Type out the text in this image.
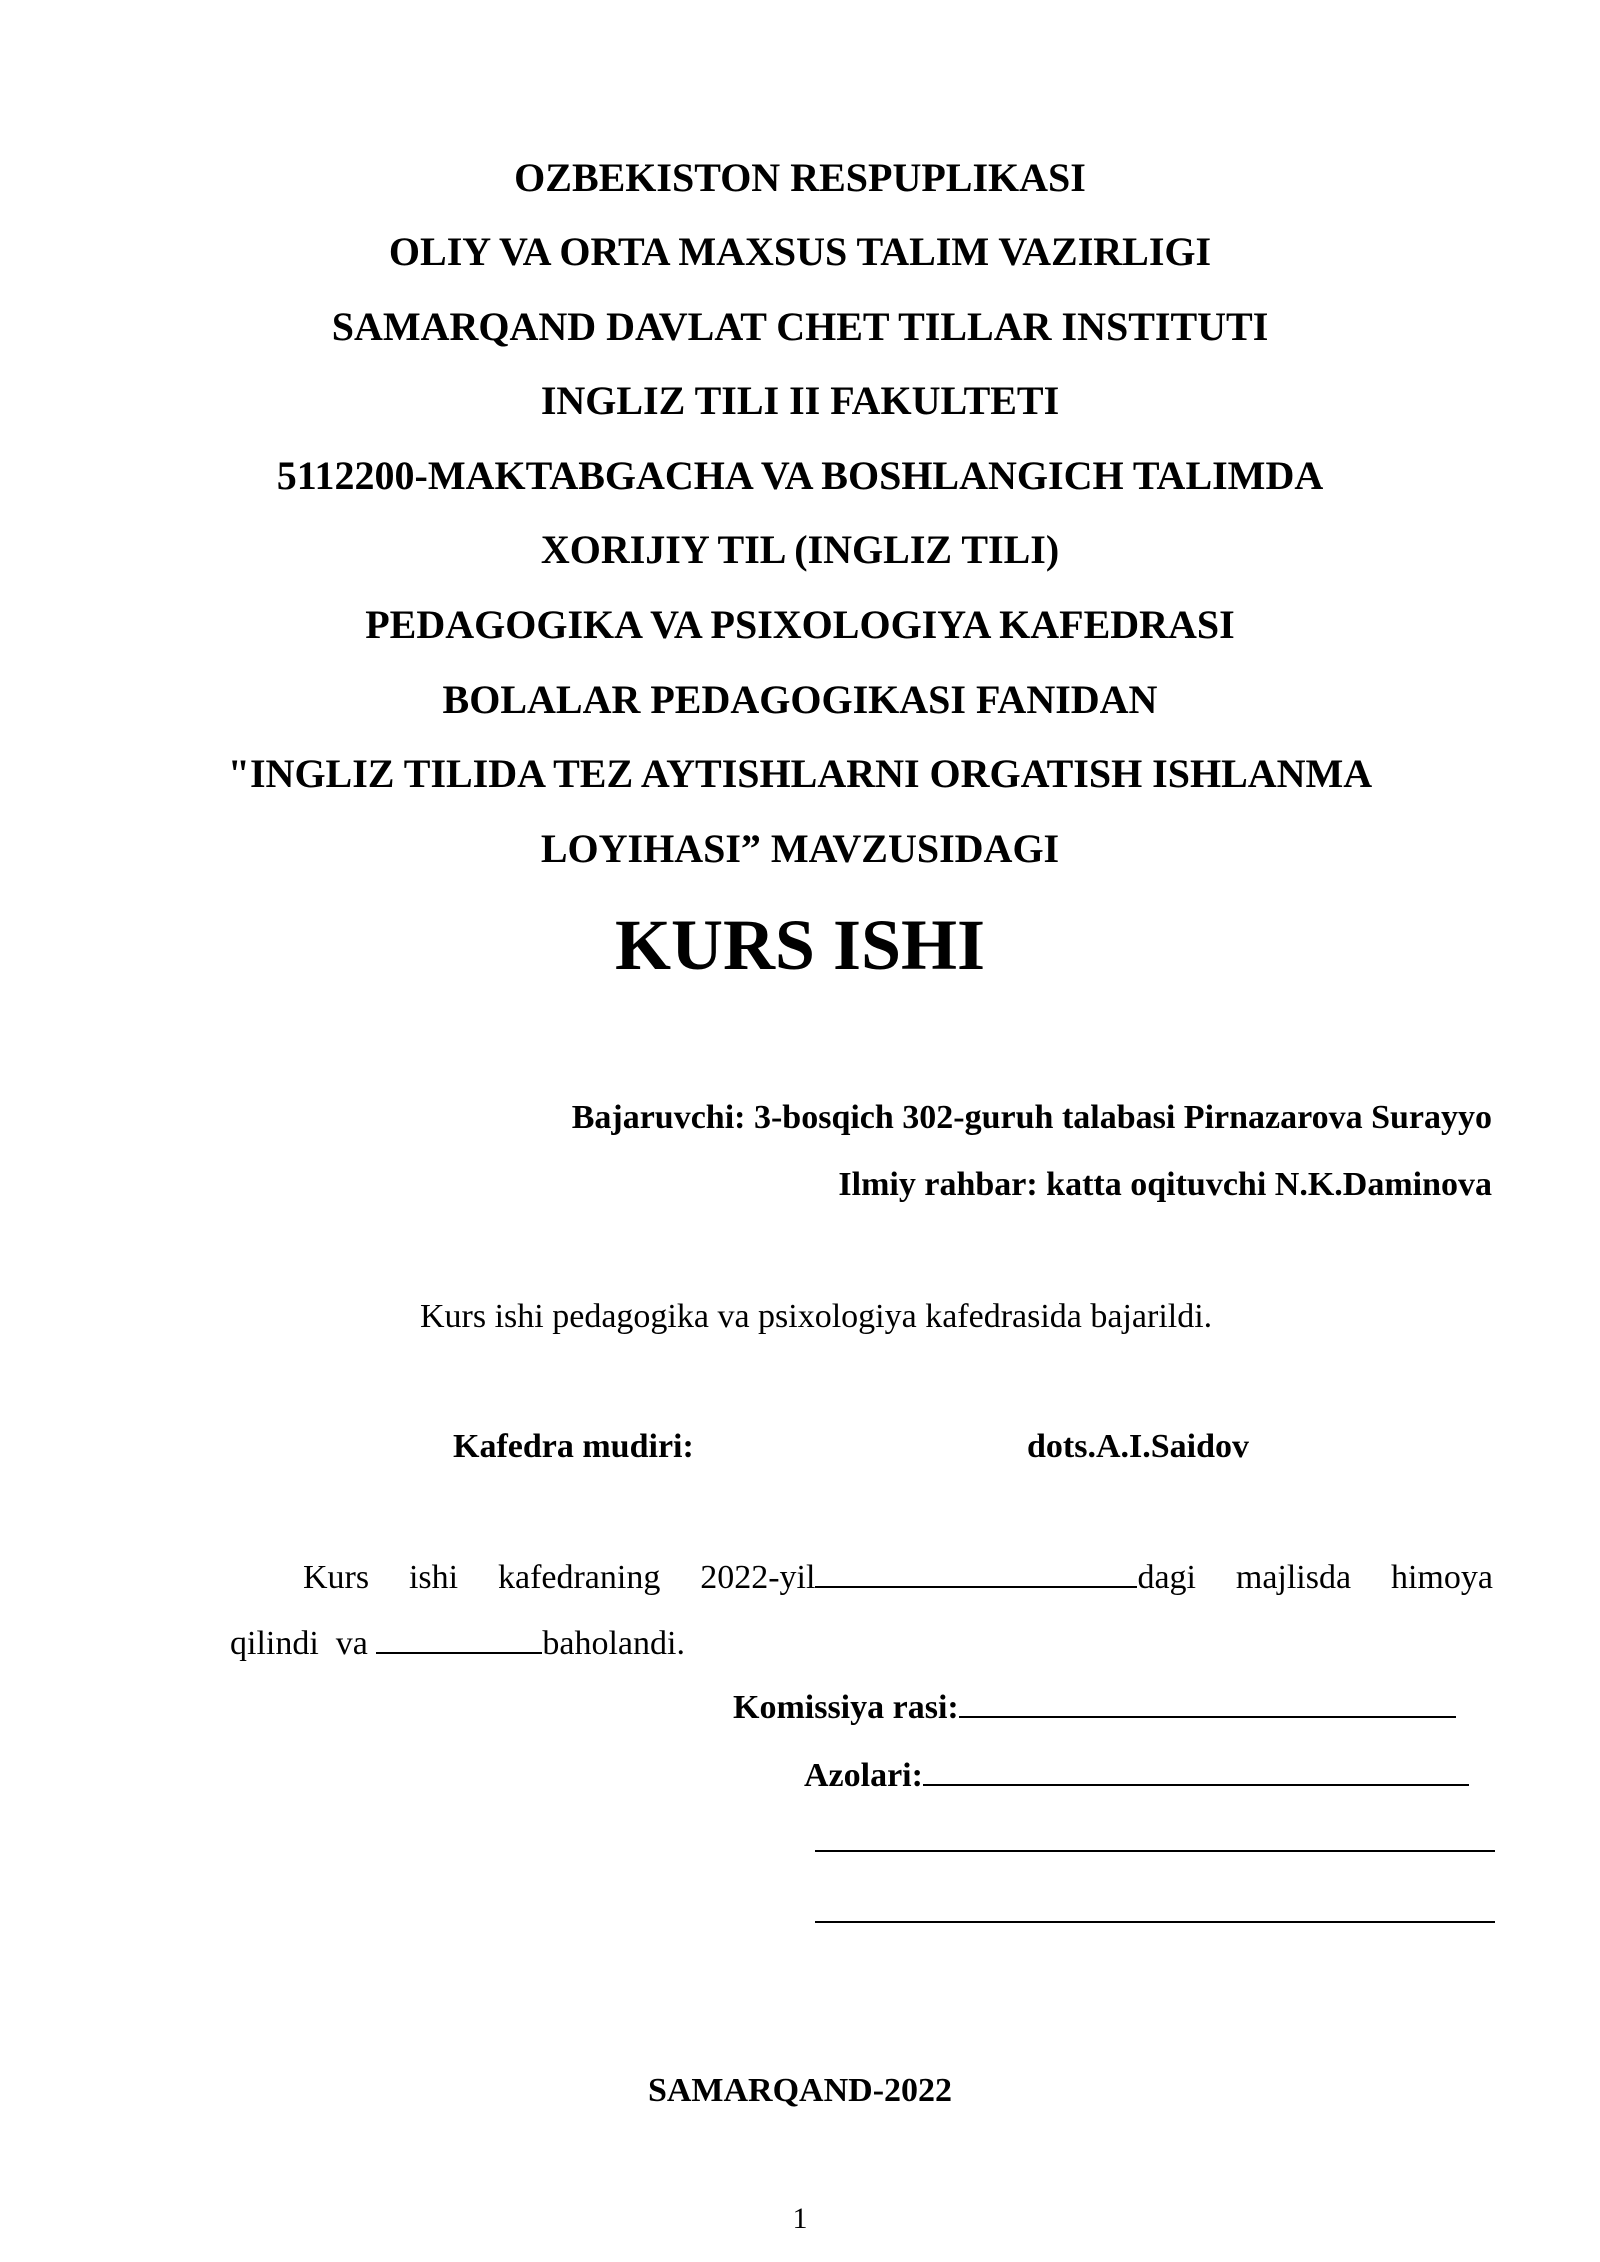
OZBEKISTON RESPUPLIKASI
OLIY VA ORTA MAXSUS TALIM VAZIRLIGI
SAMARQAND DAVLAT CHET TILLAR INSTITUTI
INGLIZ TILI II FAKULTETI
5112200-MAKTABGACHA VA BOSHLANGICH TALIMDA
XORIJIY TIL (INGLIZ TILI)
PEDAGOGIKA VA PSIXOLOGIYA KAFEDRASI
BOLALAR PEDAGOGIKASI FANIDAN
"INGLIZ TILIDA TEZ AYTISHLARNI ORGATISH ISHLANMA
LOYIHASI” MAVZUSIDAGI
KURS ISHI
Bajaruvchi: 3-bosqich 302-guruh talabasi Pirnazarova Surayyo
Ilmiy rahbar: katta oqituvchi N.K.Daminova
Kurs ishi pedagogika va psixologiya kafedrasida bajarildi.
Kafedra mudiri:	dots.A.I.Saidov
Kurs ishi kafedraning 2022-yil	dagi majlisda himoya
qilindi  va	baholandi.
Komissiya rasi:
Azolari:
SAMARQAND-2022
1
